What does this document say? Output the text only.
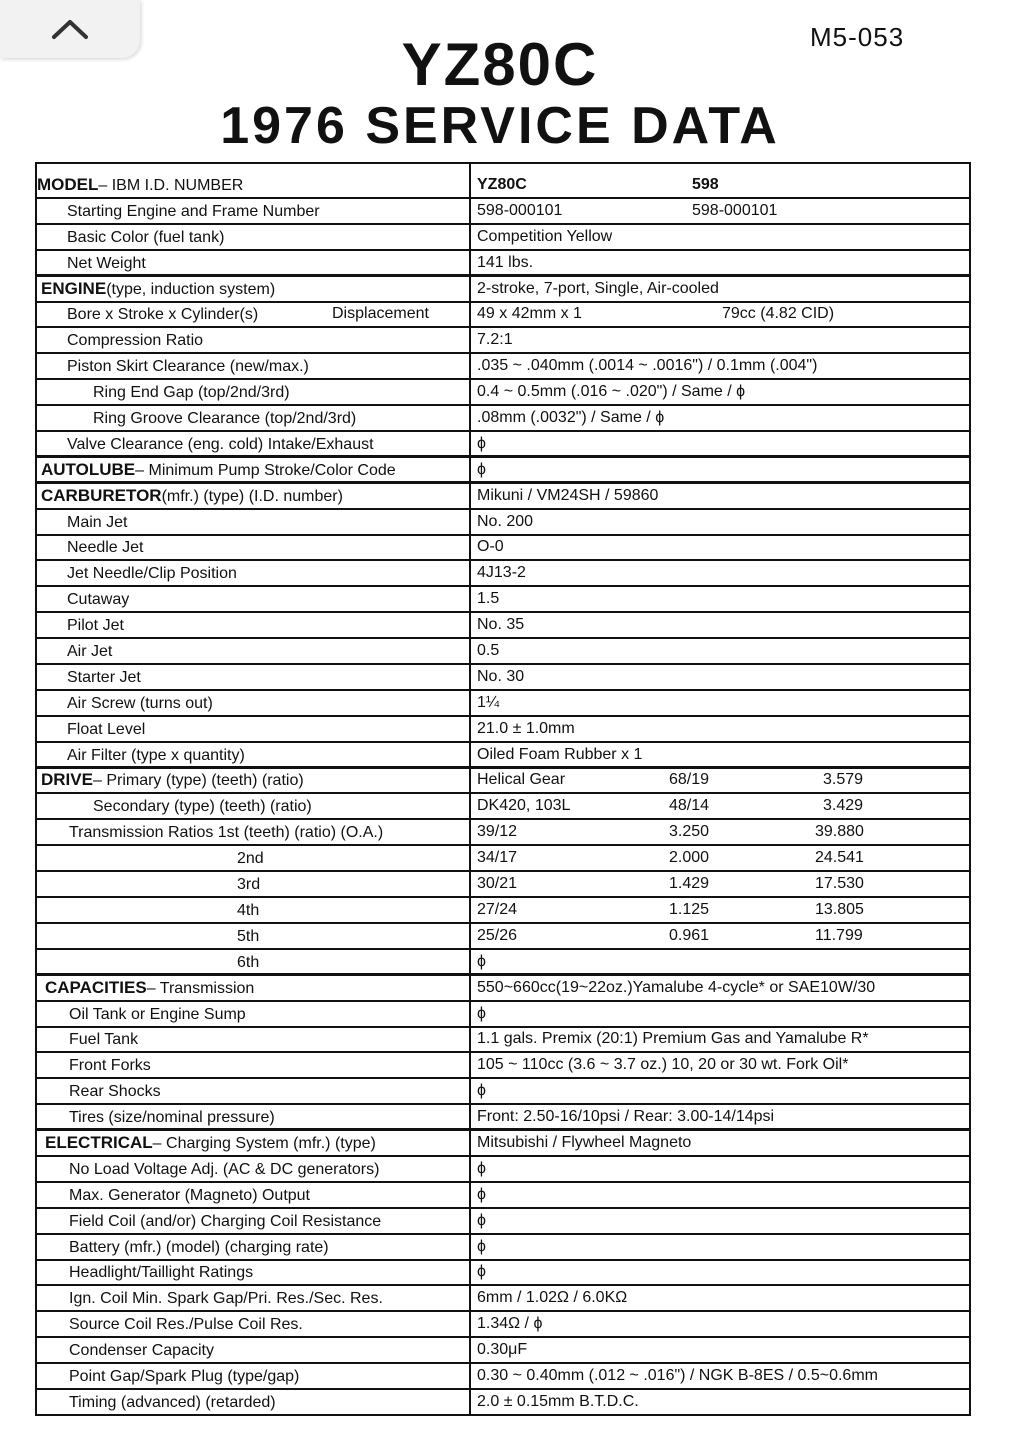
M5-053
YZ80C
1976 SERVICE DATA
MODEL – IBM I.D. NUMBER	YZ80C	598
Starting Engine and Frame Number	598-000101	598-000101
Basic Color (fuel tank)	Competition Yellow
Net Weight	141 lbs.
ENGINE (type, induction system)	2-stroke, 7-port, Single, Air-cooled
Bore x Stroke x Cylinder(s)	Displacement	49 x 42mm x 1	79cc (4.82 CID)
Compression Ratio	7.2:1
Piston Skirt Clearance (new/max.)	.035 ~ .040mm (.0014 ~ .0016") / 0.1mm (.004")
Ring End Gap (top/2nd/3rd)	0.4 ~ 0.5mm (.016 ~ .020") / Same / ϕ
Ring Groove Clearance (top/2nd/3rd)	.08mm (.0032") / Same / ϕ
Valve Clearance (eng. cold) Intake/Exhaust	ϕ
AUTOLUBE – Minimum Pump Stroke/Color Code	ϕ
CARBURETOR (mfr.) (type) (I.D. number)	Mikuni / VM24SH / 59860
Main Jet	No. 200
Needle Jet	O-0
Jet Needle/Clip Position	4J13-2
Cutaway	1.5
Pilot Jet	No. 35
Air Jet	0.5
Starter Jet	No. 30
Air Screw (turns out)	1¼
Float Level	21.0 ± 1.0mm
Air Filter (type x quantity)	Oiled Foam Rubber x 1
DRIVE – Primary (type) (teeth) (ratio)	Helical Gear	68/19	3.579
Secondary (type) (teeth) (ratio)	DK420, 103L	48/14	3.429
Transmission Ratios 1st (teeth) (ratio) (O.A.)	39/12	3.250	39.880
2nd	34/17	2.000	24.541
3rd	30/21	1.429	17.530
4th	27/24	1.125	13.805
5th	25/26	0.961	11.799
6th	ϕ
CAPACITIES – Transmission	550~660cc(19~22oz.)Yamalube 4-cycle* or SAE10W/30
Oil Tank or Engine Sump	ϕ
Fuel Tank	1.1 gals. Premix (20:1) Premium Gas and Yamalube R*
Front Forks	105 ~ 110cc (3.6 ~ 3.7 oz.) 10, 20 or 30 wt. Fork Oil*
Rear Shocks	ϕ
Tires (size/nominal pressure)	Front: 2.50-16/10psi / Rear: 3.00-14/14psi
ELECTRICAL – Charging System (mfr.) (type)	Mitsubishi / Flywheel Magneto
No Load Voltage Adj. (AC & DC generators)	ϕ
Max. Generator (Magneto) Output	ϕ
Field Coil (and/or) Charging Coil Resistance	ϕ
Battery (mfr.) (model) (charging rate)	ϕ
Headlight/Taillight Ratings	ϕ
Ign. Coil Min. Spark Gap/Pri. Res./Sec. Res.	6mm / 1.02Ω / 6.0KΩ
Source Coil Res./Pulse Coil Res.	1.34Ω / ϕ
Condenser Capacity	0.30μF
Point Gap/Spark Plug (type/gap)	0.30 ~ 0.40mm (.012 ~ .016") / NGK B-8ES / 0.5~0.6mm
Timing (advanced) (retarded)	2.0 ± 0.15mm B.T.D.C.
